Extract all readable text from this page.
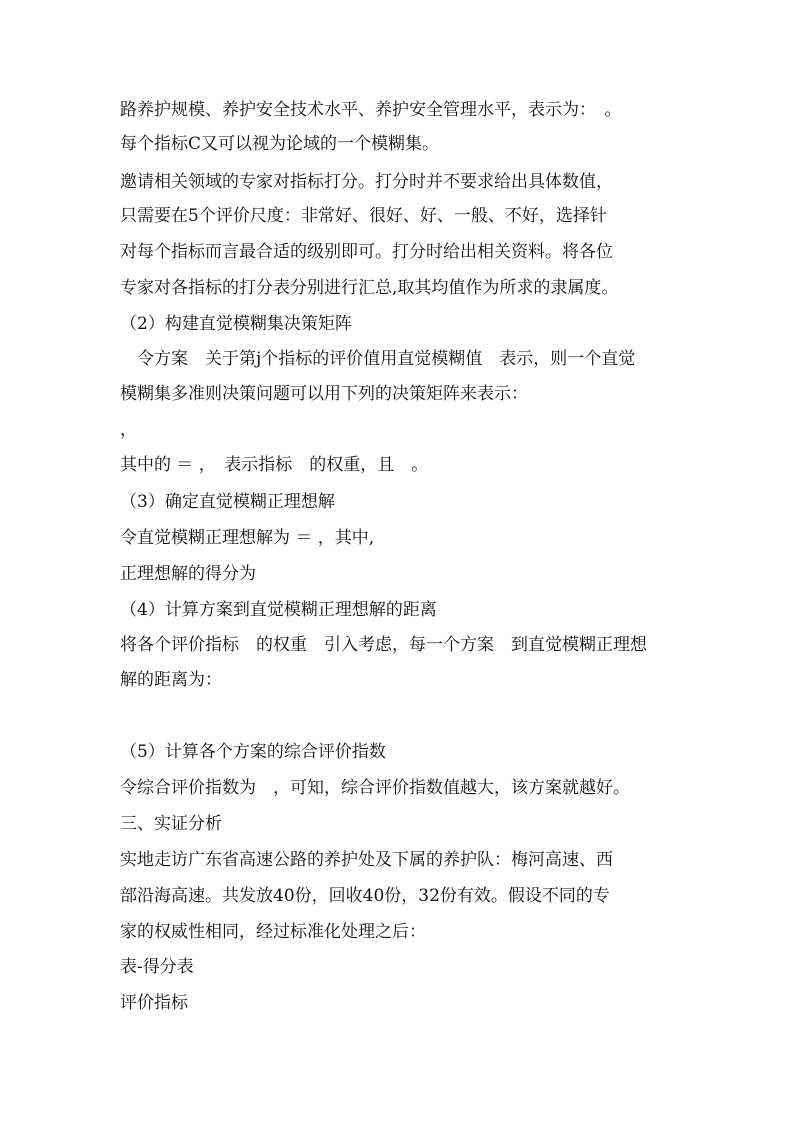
路养护规模、养护安全技术水平、养护安全管理水平，表示为：　。
每个指标C又可以视为论域的一个模糊集。
邀请相关领域的专家对指标打分。打分时并不要求给出具体数值，
只需要在5个评价尺度：非常好、很好、好、一般、不好，选择针
对每个指标而言最合适的级别即可。打分时给出相关资料。将各位
专家对各指标的打分表分别进行汇总,取其均值作为所求的隶属度。
（2）构建直觉模糊集决策矩阵
　令方案　关于第j个指标的评价值用直觉模糊值　表示，则一个直觉
模糊集多准则决策问题可以用下列的决策矩阵来表示：
，
其中的 ＝ ，　表示指标　的权重，且　。
（3）确定直觉模糊正理想解
令直觉模糊正理想解为 ＝ ，其中,
正理想解的得分为
（4）计算方案到直觉模糊正理想解的距离
将各个评价指标　的权重　引入考虑，每一个方案　到直觉模糊正理想
解的距离为：
（5）计算各个方案的综合评价指数
令综合评价指数为　，可知，综合评价指数值越大，该方案就越好。
三、实证分析
实地走访广东省高速公路的养护处及下属的养护队：梅河高速、西
部沿海高速。共发放40份，回收40份，32份有效。假设不同的专
家的权威性相同，经过标准化处理之后：
表-得分表
评价指标
